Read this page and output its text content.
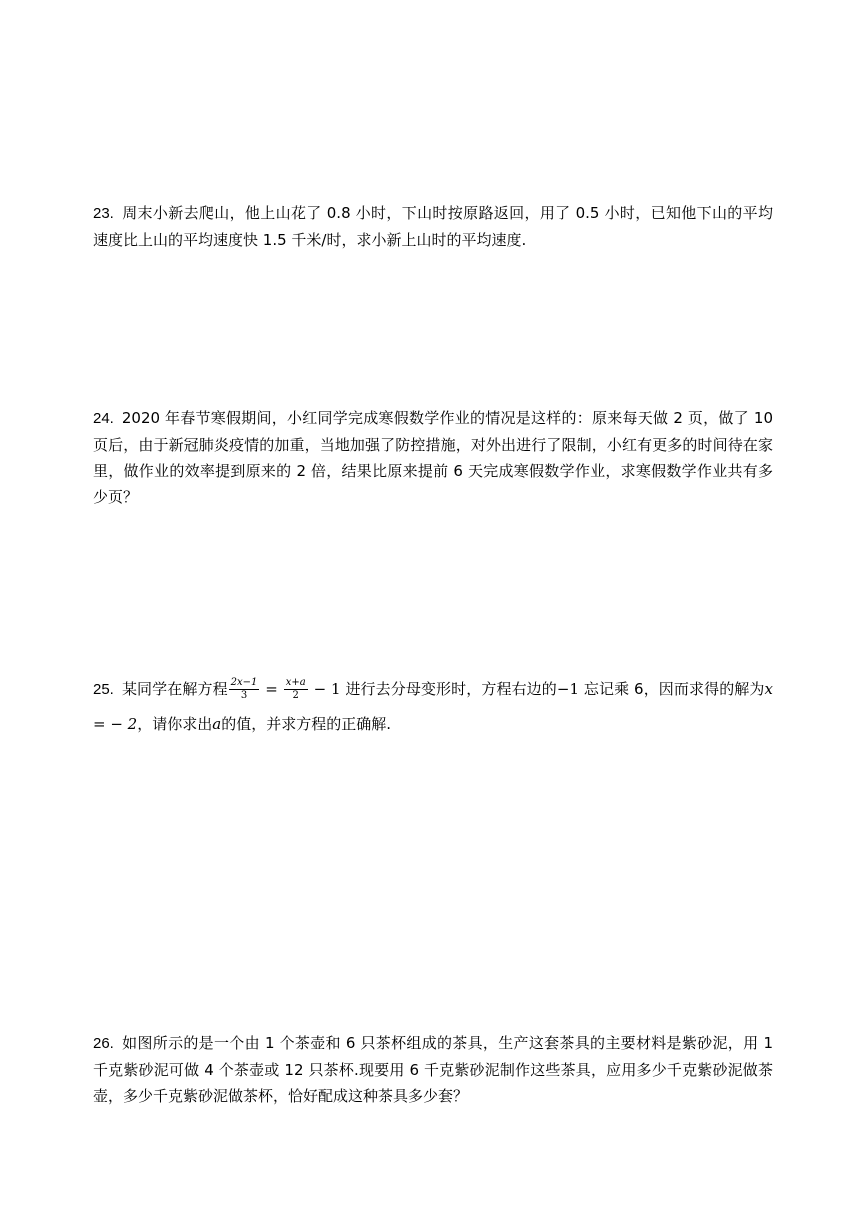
23. 周末小新去爬山，他上山花了 0.8 小时，下山时按原路返回，用了 0.5 小时，已知他下山的平均速度比上山的平均速度快 1.5 千米/时，求小新上山时的平均速度.
24. 2020 年春节寒假期间，小红同学完成寒假数学作业的情况是这样的：原来每天做 2 页，做了 10 页后，由于新冠肺炎疫情的加重，当地加强了防控措施，对外出进行了限制，小红有更多的时间待在家里，做作业的效率提到原来的 2 倍，结果比原来提前 6 天完成寒假数学作业，求寒假数学作业共有多少页？
25. 某同学在解方程 $\frac{2x-1}{3} = \frac{x+a}{2} - 1$ 进行去分母变形时，方程右边的−1 忘记乘 6，因而求得的解为x = − 2，请你求出a的值，并求方程的正确解.
26. 如图所示的是一个由 1 个茶壶和 6 只茶杯组成的茶具，生产这套茶具的主要材料是紫砂泥，用 1 千克紫砂泥可做 4 个茶壶或 12 只茶杯.现要用 6 千克紫砂泥制作这些茶具，应用多少千克紫砂泥做茶壶，多少千克紫砂泥做茶杯，恰好配成这种茶具多少套？
